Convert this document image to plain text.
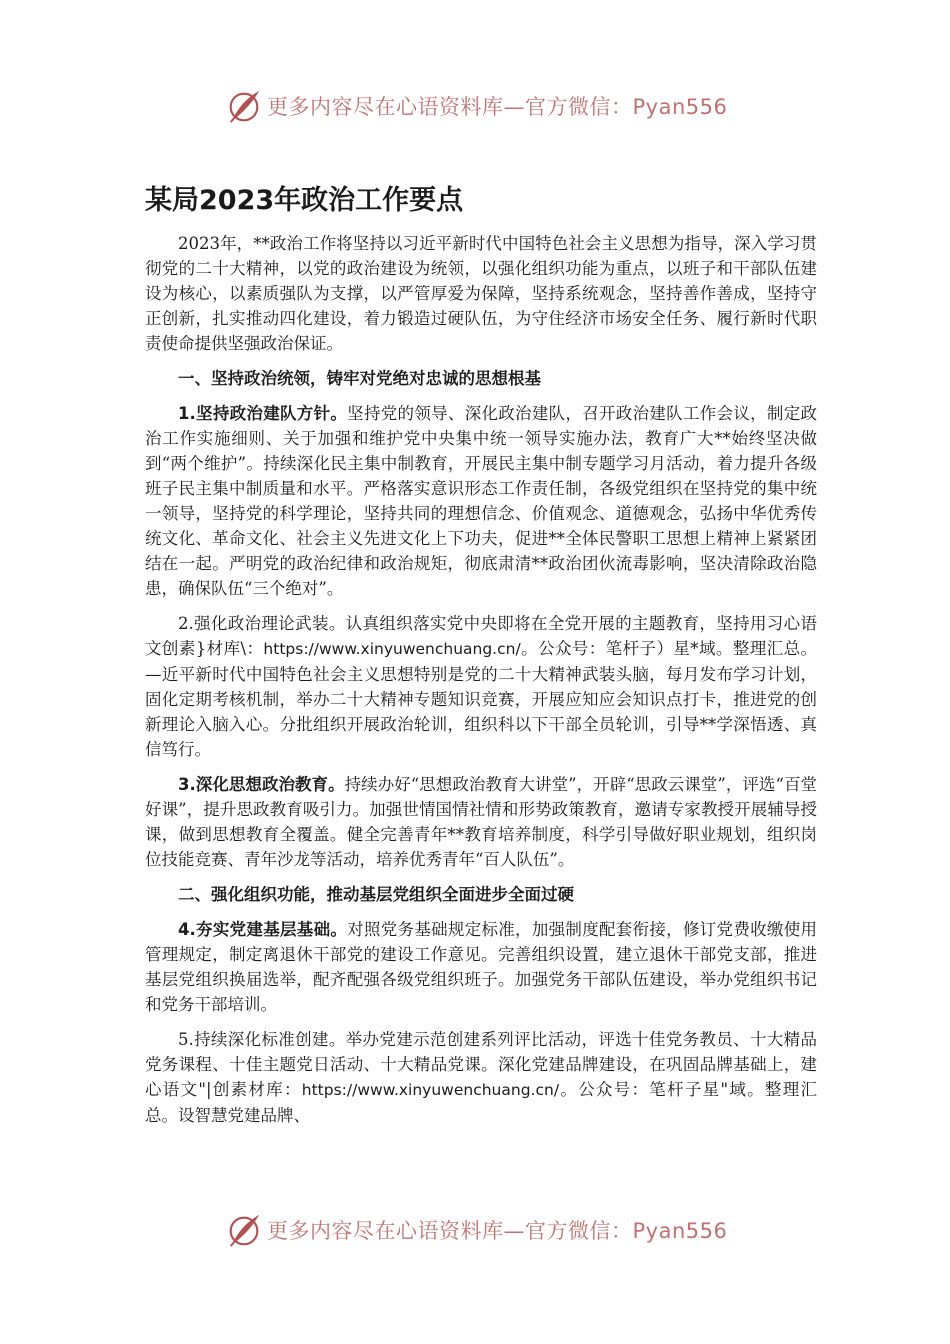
更多内容尽在心语资料库—官方微信：Pyan556
某局2023年政治工作要点

2023年，**政治工作将坚持以习近平新时代中国特色社会主义思想为指导，深入学习贯彻党的二十大精神，以党的政治建设为统领，以强化组织功能为重点，以班子和干部队伍建设为核心，以素质强队为支撑，以严管厚爱为保障，坚持系统观念，坚持善作善成，坚持守正创新，扎实推动四化建设，着力锻造过硬队伍，为守住经济市场安全任务、履行新时代职责使命提供坚强政治保证。

一、坚持政治统领，铸牢对党绝对忠诚的思想根基

1.坚持政治建队方针。坚持党的领导、深化政治建队，召开政治建队工作会议，制定政治工作实施细则、关于加强和维护党中央集中统一领导实施办法，教育广大**始终坚决做到“两个维护”。持续深化民主集中制教育，开展民主集中制专题学习月活动，着力提升各级班子民主集中制质量和水平。严格落实意识形态工作责任制，各级党组织在坚持党的集中统一领导，坚持党的科学理论，坚持共同的理想信念、价值观念、道德观念，弘扬中华优秀传统文化、革命文化、社会主义先进文化上下功夫，促进**全体民警职工思想上精神上紧紧团结在一起。严明党的政治纪律和政治规矩，彻底肃清**政治团伙流毒影响，坚决清除政治隐患，确保队伍“三个绝对”。

2.强化政治理论武装。认真组织落实党中央即将在全党开展的主题教育，坚持用习心语文创素}材库\：https://www.xinyuwenchuang.cn/。公众号：笔杆子）星*域。整理汇总。—近平新时代中国特色社会主义思想特别是党的二十大精神武装头脑，每月发布学习计划，固化定期考核机制，举办二十大精神专题知识竞赛，开展应知应会知识点打卡，推进党的创新理论入脑入心。分批组织开展政治轮训，组织科以下干部全员轮训，引导**学深悟透、真信笃行。

3.深化思想政治教育。持续办好“思想政治教育大讲堂”，开辟“思政云课堂”，评选“百堂好课”，提升思政教育吸引力。加强世情国情社情和形势政策教育，邀请专家教授开展辅导授课，做到思想教育全覆盖。健全完善青年**教育培养制度，科学引导做好职业规划，组织岗位技能竞赛、青年沙龙等活动，培养优秀青年“百人队伍”。

二、强化组织功能，推动基层党组织全面进步全面过硬

4.夯实党建基层基础。对照党务基础规定标准，加强制度配套衔接，修订党费收缴使用管理规定，制定离退休干部党的建设工作意见。完善组织设置，建立退休干部党支部，推进基层党组织换届选举，配齐配强各级党组织班子。加强党务干部队伍建设，举办党组织书记和党务干部培训。

5.持续深化标准创建。举办党建示范创建系列评比活动，评选十佳党务教员、十大精品党务课程、十佳主题党日活动、十大精品党课。深化党建品牌建设，在巩固品牌基础上，建心语文"|创素材库：https://www.xinyuwenchuang.cn/。公众号：笔杆子星"域。整理汇总。设智慧党建品牌、

更多内容尽在心语资料库—官方微信：Pyan556
